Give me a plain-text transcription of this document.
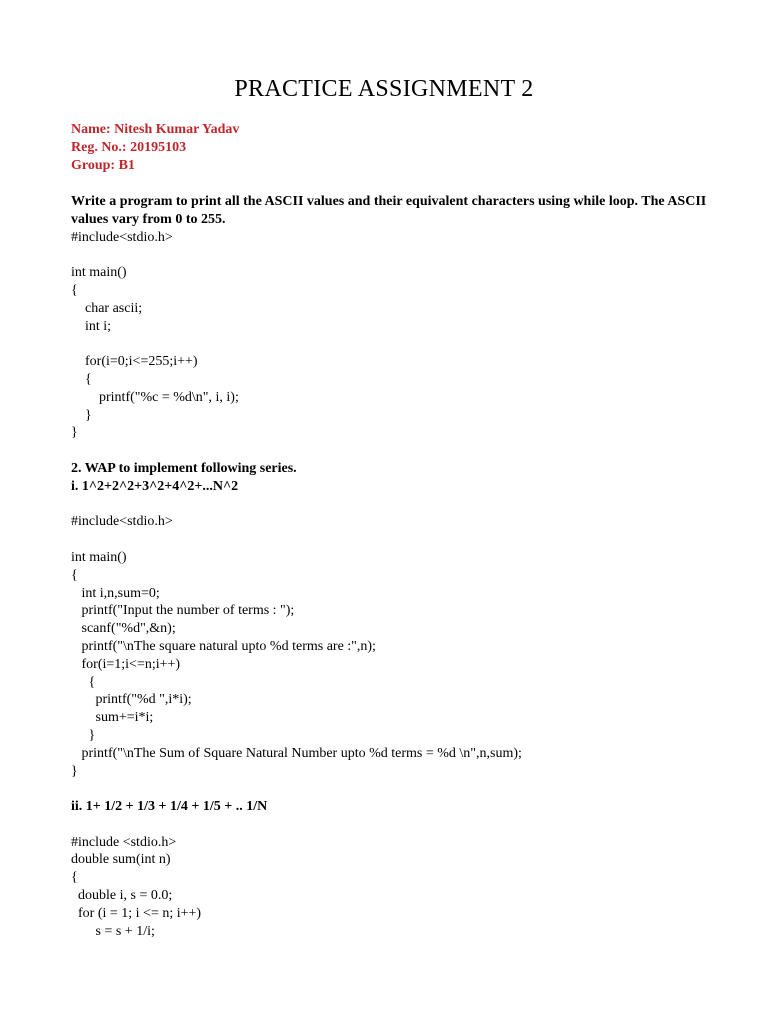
PRACTICE ASSIGNMENT 2
Name: Nitesh Kumar Yadav
Reg. No.: 20195103
Group: B1
Write a program to print all the ASCII values and their equivalent characters using while loop. The ASCII values vary from 0 to 255.
#include<stdio.h>
int main()
{
char ascii;
int i;
for(i=0;i<=255;i++)
{
printf("%c = %d\n", i, i);
}
}
2. WAP to implement following series.
i. 1^2+2^2+3^2+4^2+...N^2
#include<stdio.h>
int main()
{
int i,n,sum=0;
printf("Input the number of terms : ");
scanf("%d",&n);
printf("\nThe square natural upto %d terms are :",n);
for(i=1;i<=n;i++)
{
printf("%d ",i*i);
sum+=i*i;
}
printf("\nThe Sum of Square Natural Number upto %d terms = %d \n",n,sum);
}
ii. 1+ 1/2 + 1/3 + 1/4 + 1/5 + .. 1/N
#include <stdio.h>
double sum(int n)
{
double i, s = 0.0;
for (i = 1; i <= n; i++)
s = s + 1/i;
